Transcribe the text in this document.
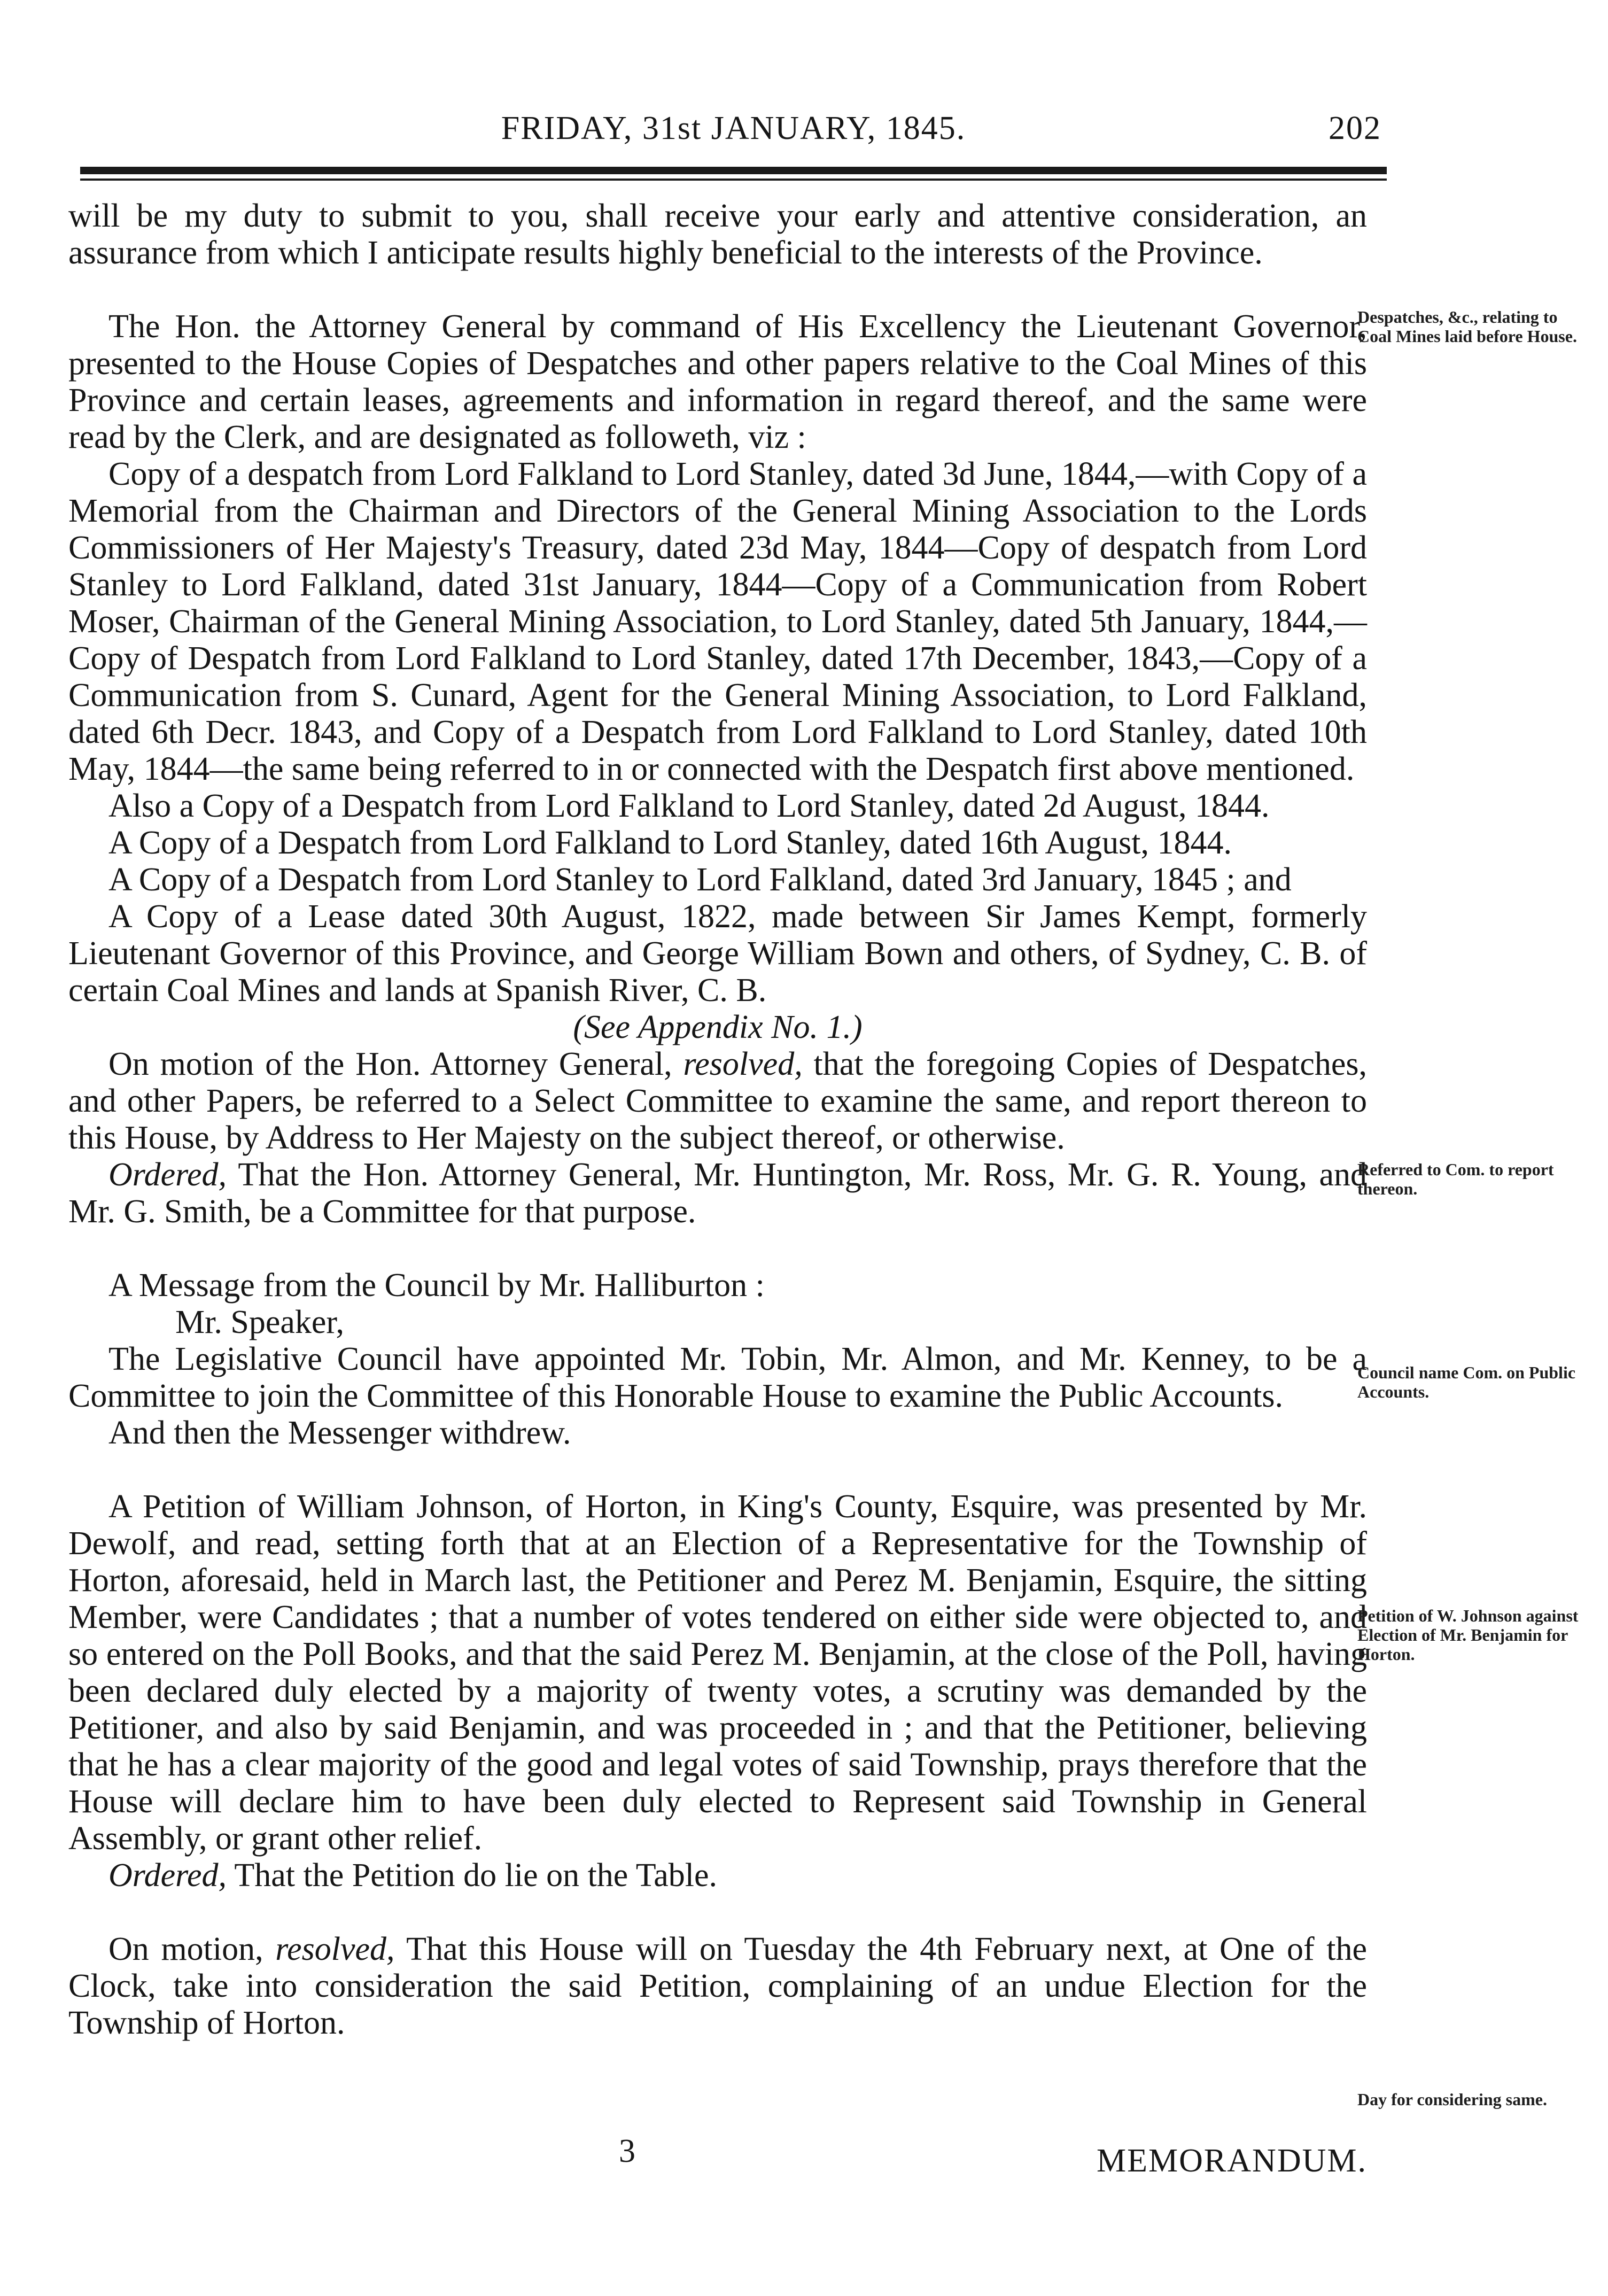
FRIDAY, 31st JANUARY, 1845.	202

will be my duty to submit to you, shall receive your early and attentive consideration, an assurance from which I anticipate results highly beneficial to the interests of the Province.

The Hon. the Attorney General by command of His Excellency the Lieutenant Governor, presented to the House Copies of Despatches and other papers relative to the Coal Mines of this Province and certain leases, agreements and information in regard thereof, and the same were read by the Clerk, and are designated as followeth, viz :

Copy of a despatch from Lord Falkland to Lord Stanley, dated 3d June, 1844,—with Copy of a Memorial from the Chairman and Directors of the General Mining Association to the Lords Commissioners of Her Majesty's Treasury, dated 23d May, 1844—Copy of despatch from Lord Stanley to Lord Falkland, dated 31st January, 1844—Copy of a Communication from Robert Moser, Chairman of the General Mining Association, to Lord Stanley, dated 5th January, 1844,—Copy of Despatch from Lord Falkland to Lord Stanley, dated 17th December, 1843,—Copy of a Communication from S. Cunard, Agent for the General Mining Association, to Lord Falkland, dated 6th Decr. 1843, and Copy of a Despatch from Lord Falkland to Lord Stanley, dated 10th May, 1844—the same being referred to in or connected with the Despatch first above mentioned.

Also a Copy of a Despatch from Lord Falkland to Lord Stanley, dated 2d August, 1844.

A Copy of a Despatch from Lord Falkland to Lord Stanley, dated 16th August, 1844.

A Copy of a Despatch from Lord Stanley to Lord Falkland, dated 3rd January, 1845 ; and

A Copy of a Lease dated 30th August, 1822, made between Sir James Kempt, formerly Lieutenant Governor of this Province, and George William Bown and others, of Sydney, C. B. of certain Coal Mines and lands at Spanish River, C. B.

(See Appendix No. 1.)

On motion of the Hon. Attorney General, resolved, that the foregoing Copies of Despatches, and other Papers, be referred to a Select Committee to examine the same, and report thereon to this House, by Address to Her Majesty on the subject thereof, or otherwise.

Ordered, That the Hon. Attorney General, Mr. Huntington, Mr. Ross, Mr. G. R. Young, and Mr. G. Smith, be a Committee for that purpose.

A Message from the Council by Mr. Halliburton :

Mr. Speaker,

The Legislative Council have appointed Mr. Tobin, Mr. Almon, and Mr. Kenney, to be a Committee to join the Committee of this Honorable House to examine the Public Accounts.

And then the Messenger withdrew.

A Petition of William Johnson, of Horton, in King's County, Esquire, was presented by Mr. Dewolf, and read, setting forth that at an Election of a Representative for the Township of Horton, aforesaid, held in March last, the Petitioner and Perez M. Benjamin, Esquire, the sitting Member, were Candidates ; that a number of votes tendered on either side were objected to, and so entered on the Poll Books, and that the said Perez M. Benjamin, at the close of the Poll, having been declared duly elected by a majority of twenty votes, a scrutiny was demanded by the Petitioner, and also by said Benjamin, and was proceeded in ; and that the Petitioner, believing that he has a clear majority of the good and legal votes of said Township, prays therefore that the House will declare him to have been duly elected to Represent said Township in General Assembly, or grant other relief.

Ordered, That the Petition do lie on the Table.

On motion, resolved, That this House will on Tuesday the 4th February next, at One of the Clock, take into consideration the said Petition, complaining of an undue Election for the Township of Horton.

Despatches, &c., relating to Coal Mines laid before House.
Referred to Com. to report thereon.
Council name Com. on Public Accounts.
Petition of W. Johnson against Election of Mr. Benjamin for Horton.
Day for considering same.
3	MEMORANDUM.
